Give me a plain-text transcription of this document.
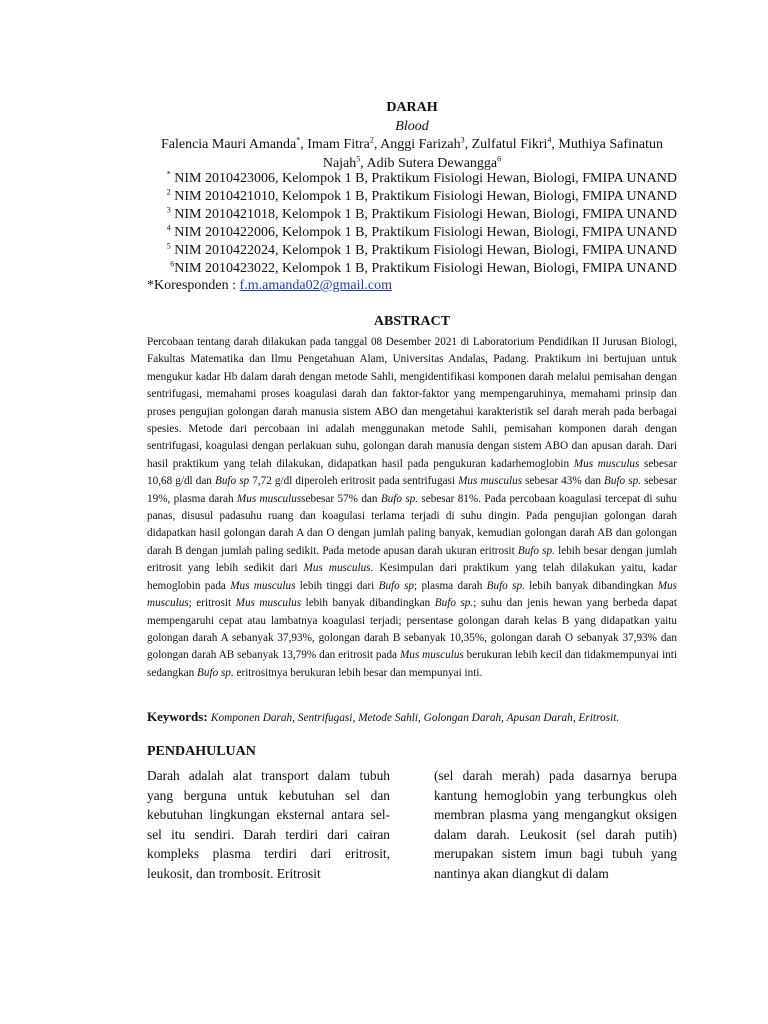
DARAH
Blood
Falencia Mauri Amanda*, Imam Fitra$^2$, Anggi Farizah$^3$, Zulfatul Fikri$^4$, Muthiya Safinatun Najah$^5$, Adib Sutera Dewangga$^6$
* NIM 2010423006, Kelompok 1 B, Praktikum Fisiologi Hewan, Biologi, FMIPA UNAND
$^2$ NIM 2010421010, Kelompok 1 B, Praktikum Fisiologi Hewan, Biologi, FMIPA UNAND
$^3$ NIM 2010421018, Kelompok 1 B, Praktikum Fisiologi Hewan, Biologi, FMIPA UNAND
$^4$ NIM 2010422006, Kelompok 1 B, Praktikum Fisiologi Hewan, Biologi, FMIPA UNAND
$^5$ NIM 2010422024, Kelompok 1 B, Praktikum Fisiologi Hewan, Biologi, FMIPA UNAND
$^6$NIM 2010423022, Kelompok 1 B, Praktikum Fisiologi Hewan, Biologi, FMIPA UNAND
*Koresponden : f.m.amanda02@gmail.com
ABSTRACT
Percobaan tentang darah dilakukan pada tanggal 08 Desember 2021 di Laboratorium Pendidikan II Jurusan Biologi, Fakultas Matematika dan Ilmu Pengetahuan Alam, Universitas Andalas, Padang. Praktikum ini bertujuan untuk mengukur kadar Hb dalam darah dengan metode Sahli, mengidentifikasi komponen darah melalui pemisahan dengan sentrifugasi, memahami proses koagulasi darah dan faktor-faktor yang mempengaruhinya, memahami prinsip dan proses pengujian golongan darah manusia sistem ABO dan mengetahui karakteristik sel darah merah pada berbagai spesies. Metode dari percobaan ini adalah menggunakan metode Sahli, pemisahan komponen darah dengan sentrifugasi, koagulasi dengan perlakuan suhu, golongan darah manusia dengan sistem ABO dan apusan darah. Dari hasil praktikum yang telah dilakukan, didapatkan hasil pada pengukuran kadarhemoglobin Mus musculus sebesar 10,68 g/dl dan Bufo sp 7,72 g/dl diperoleh eritrosit pada sentrifugasi Mus musculus sebesar 43% dan Bufo sp. sebesar 19%, plasma darah Mus musculussebesar 57% dan Bufo sp. sebesar 81%. Pada percobaan koagulasi tercepat di suhu panas, disusul padasuhu ruang dan koagulasi terlama terjadi di suhu dingin. Pada pengujian golongan darah didapatkan hasil golongan darah A dan O dengan jumlah paling banyak, kemudian golongan darah AB dan golongan darah B dengan jumlah paling sedikit. Pada metode apusan darah ukuran eritrosit Bufo sp. lebih besar dengan jumlah eritrosit yang lebih sedikit dari Mus musculus. Kesimpulan dari praktikum yang telah dilakukan yaitu, kadar hemoglobin pada Mus musculus lebih tinggi dari Bufo sp; plasma darah Bufo sp. lebih banyak dibandingkan Mus musculus; eritrosit Mus musculus lebih banyak dibandingkan Bufo sp.; suhu dan jenis hewan yang berbeda dapat mempengaruhi cepat atau lambatnya koagulasi terjadi; persentase golongan darah kelas B yang didapatkan yaitu golongan darah A sebanyak 37,93%, golongan darah B sebanyak 10,35%, golongan darah O sebanyak 37,93% dan golongan darah AB sebanyak 13,79% dan eritrosit pada Mus musculus berukuran lebih kecil dan tidakmempunyai inti sedangkan Bufo sp. eritrositnya berukuran lebih besar dan mempunyai inti.
Keywords: Komponen Darah, Sentrifugasi, Metode Sahli, Golongan Darah, Apusan Darah, Eritrosit.
PENDAHULUAN
Darah adalah alat transport dalam tubuh yang berguna untuk kebutuhan sel dan kebutuhan lingkungan eksternal antara sel-sel itu sendiri. Darah terdiri dari cairan kompleks plasma terdiri dari eritrosit, leukosit, dan trombosit. Eritrosit
(sel darah merah) pada dasarnya berupa kantung hemoglobin yang terbungkus oleh membran plasma yang mengangkut oksigen dalam darah. Leukosit (sel darah putih) merupakan sistem imun bagi tubuh yang nantinya akan diangkut di dalam
